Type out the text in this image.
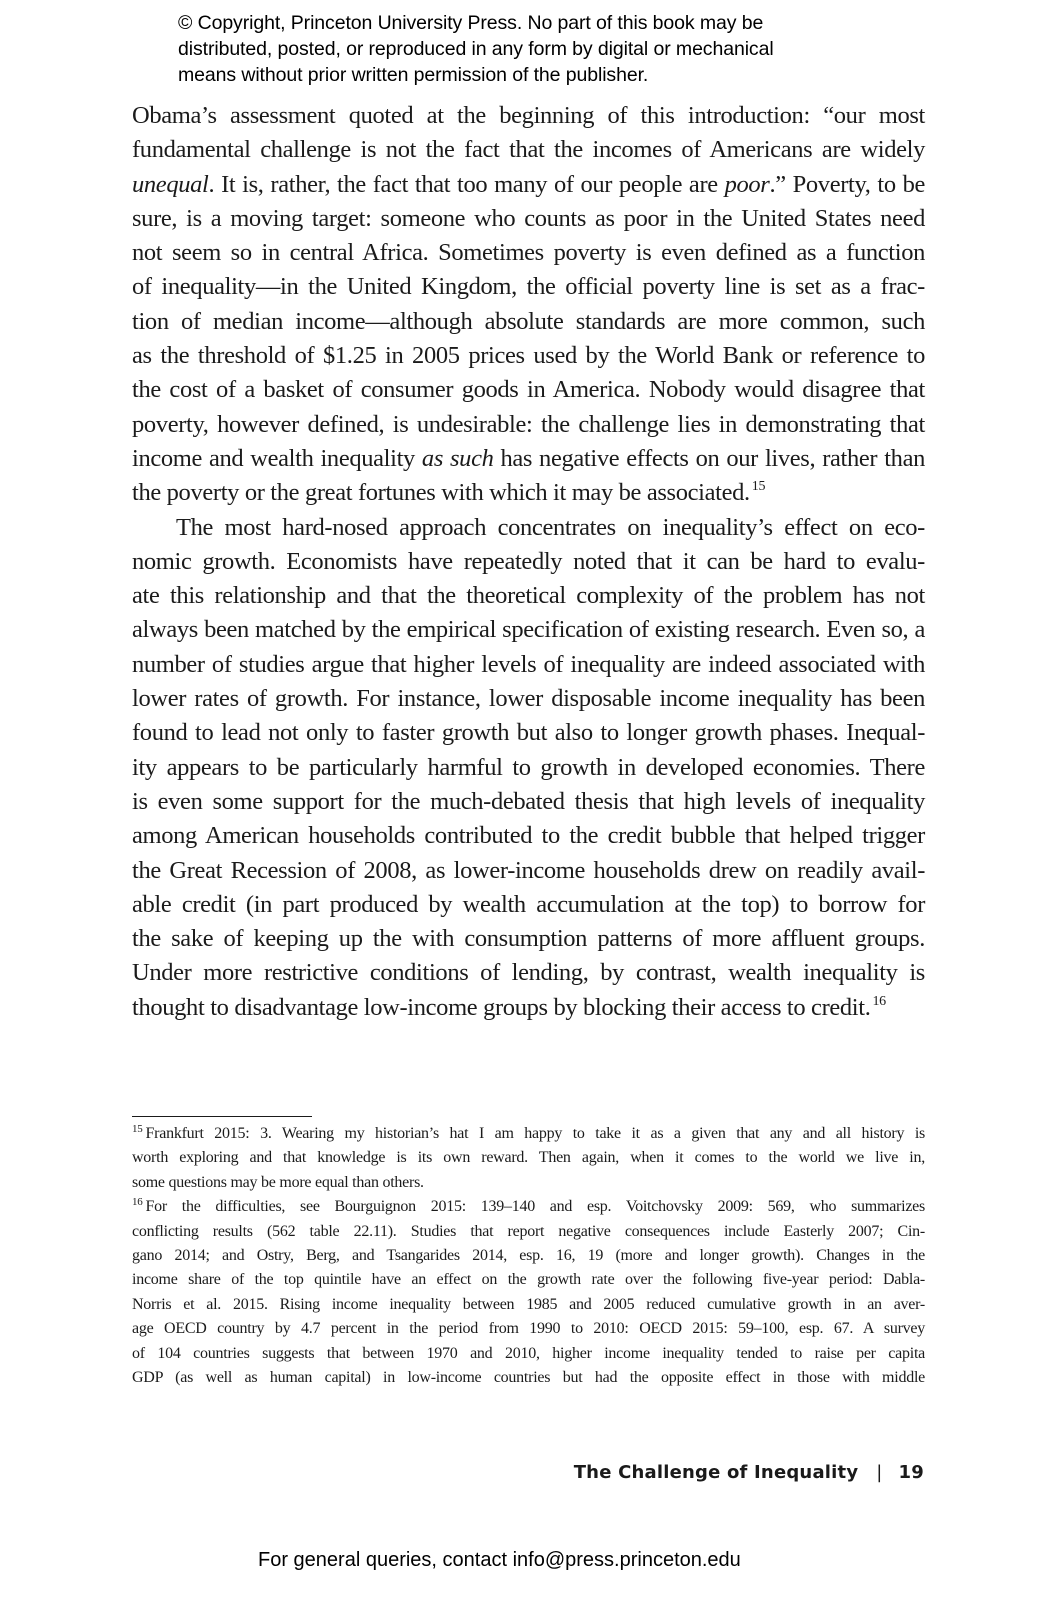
© Copyright, Princeton University Press. No part of this book may be
distributed, posted, or reproduced in any form by digital or mechanical
means without prior written permission of the publisher.
Obama’s assessment quoted at the beginning of this introduction: “our most
fundamental challenge is not the fact that the incomes of Americans are widely
unequal. It is, rather, the fact that too many of our people are poor.” Poverty, to be
sure, is a moving target: someone who counts as poor in the United States need
not seem so in central Africa. Sometimes poverty is even defined as a function
of inequality—in the United Kingdom, the official poverty line is set as a frac-
tion of median income—although absolute standards are more common, such
as the threshold of $1.25 in 2005 prices used by the World Bank or reference to
the cost of a basket of consumer goods in America. Nobody would disagree that
poverty, however defined, is undesirable: the challenge lies in demonstrating that
income and wealth inequality as such has negative effects on our lives, rather than
the poverty or the great fortunes with which it may be associated. $^{15}$
The most hard-nosed approach concentrates on inequality’s effect on eco-
nomic growth. Economists have repeatedly noted that it can be hard to evalu-
ate this relationship and that the theoretical complexity of the problem has not
always been matched by the empirical specification of existing research. Even so, a
number of studies argue that higher levels of inequality are indeed associated with
lower rates of growth. For instance, lower disposable income inequality has been
found to lead not only to faster growth but also to longer growth phases. Inequal-
ity appears to be particularly harmful to growth in developed economies. There
is even some support for the much-debated thesis that high levels of inequality
among American households contributed to the credit bubble that helped trigger
the Great Recession of 2008, as lower-income households drew on readily avail-
able credit (in part produced by wealth accumulation at the top) to borrow for
the sake of keeping up the with consumption patterns of more affluent groups.
Under more restrictive conditions of lending, by contrast, wealth inequality is
thought to disadvantage low-income groups by blocking their access to credit. $^{16}$
$^{15}$ Frankfurt 2015: 3. Wearing my historian’s hat I am happy to take it as a given that any and all history is
worth exploring and that knowledge is its own reward. Then again, when it comes to the world we live in,
some questions may be more equal than others.
$^{16}$ For the difficulties, see Bourguignon 2015: 139–140 and esp. Voitchovsky 2009: 569, who summarizes
conflicting results (562 table 22.11). Studies that report negative consequences include Easterly 2007; Cin-
gano 2014; and Ostry, Berg, and Tsangarides 2014, esp. 16, 19 (more and longer growth). Changes in the
income share of the top quintile have an effect on the growth rate over the following five-year period: Dabla-
Norris et al. 2015. Rising income inequality between 1985 and 2005 reduced cumulative growth in an aver-
age OECD country by 4.7 percent in the period from 1990 to 2010: OECD 2015: 59–100, esp. 67. A survey
of 104 countries suggests that between 1970 and 2010, higher income inequality tended to raise per capita
GDP (as well as human capital) in low-income countries but had the opposite effect in those with middle
The Challenge of Inequality | 19
For general queries, contact info@press.princeton.edu
